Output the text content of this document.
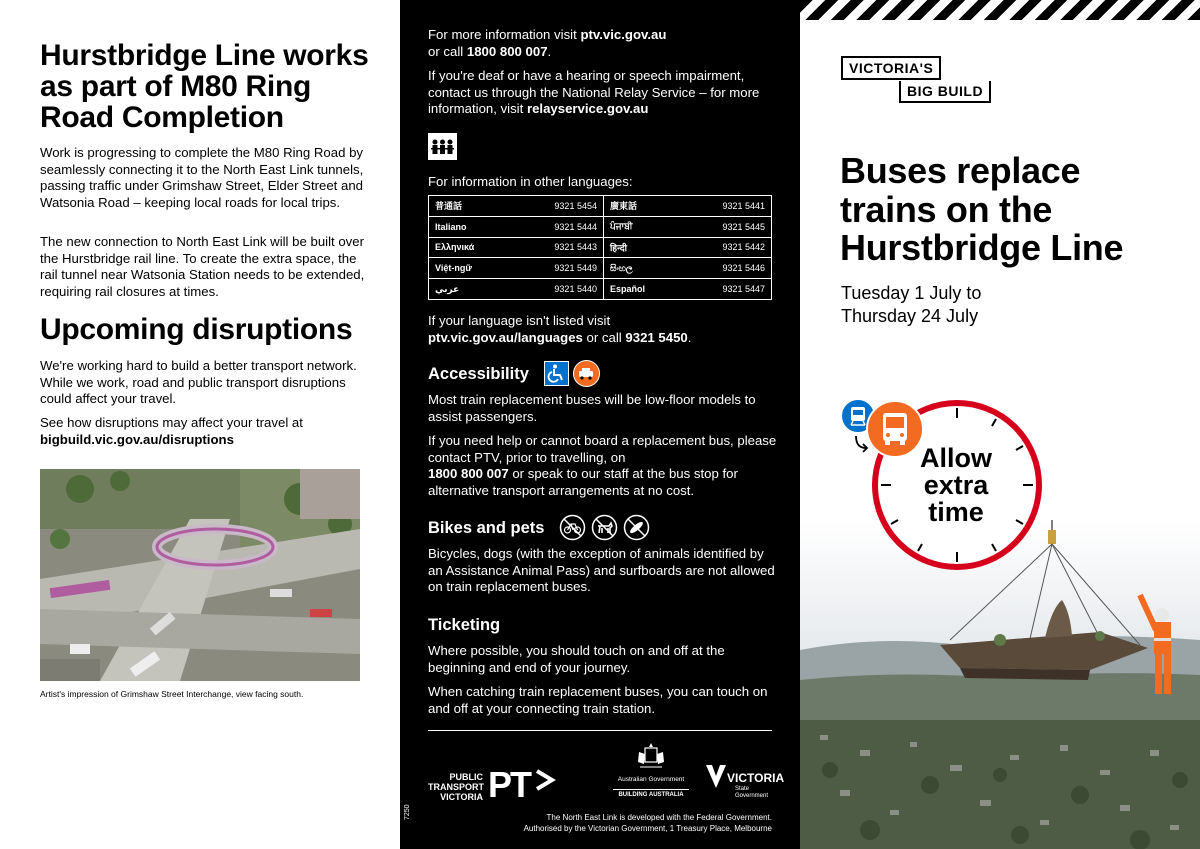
Hurstbridge Line works as part of M80 Ring Road Completion
Work is progressing to complete the M80 Ring Road by seamlessly connecting it to the North East Link tunnels, passing traffic under Grimshaw Street, Elder Street and Watsonia Road – keeping local roads for local trips.
The new connection to North East Link will be built over the Hurstbridge rail line. To create the extra space, the rail tunnel near Watsonia Station needs to be extended, requiring rail closures at times.
Upcoming disruptions
We're working hard to build a better transport network. While we work, road and public transport disruptions could affect your travel.
See how disruptions may affect your travel at
bigbuild.vic.gov.au/disruptions
Artist's impression of Grimshaw Street Interchange, view facing south.
For more information visit ptv.vic.gov.au
or call 1800 800 007.
If you're deaf or have a hearing or speech impairment, contact us through the National Relay Service – for more information, visit relayservice.gov.au
For information in other languages:
普通話	9321 5454	廣東話	9321 5441
Italiano	9321 5444	ਪੰਜਾਬੀ	9321 5445
Ελληνικά	9321 5443	हिन्दी	9321 5442
Việt-ngữ	9321 5449	සිංහල	9321 5446
عربي	9321 5440	Español	9321 5447
If your language isn't listed visit
ptv.vic.gov.au/languages or call 9321 5450.
Accessibility
Most train replacement buses will be low-floor models to assist passengers.
If you need help or cannot board a replacement bus, please contact PTV, prior to travelling, on
1800 800 007 or speak to our staff at the bus stop for alternative transport arrangements at no cost.
Bikes and pets
Bicycles, dogs (with the exception of animals identified by an Assistance Animal Pass) and surfboards are not allowed on train replacement buses.
Ticketing
Where possible, you should touch on and off at the beginning and end of your journey.
When catching train replacement buses, you can touch on and off at your connecting train station.
PUBLIC
TRANSPORT
VICTORIA PT	Australian Government
BUILDING AUSTRALIA
VICTORIA
State
Government
The North East Link is developed with the Federal Government.
Authorised by the Victorian Government, 1 Treasury Place, Melbourne
7250
VICTORIA'S
BIG BUILD
Buses replace trains on the Hurstbridge Line
Tuesday 1 July to
Thursday 24 July
Allow
extra
time
